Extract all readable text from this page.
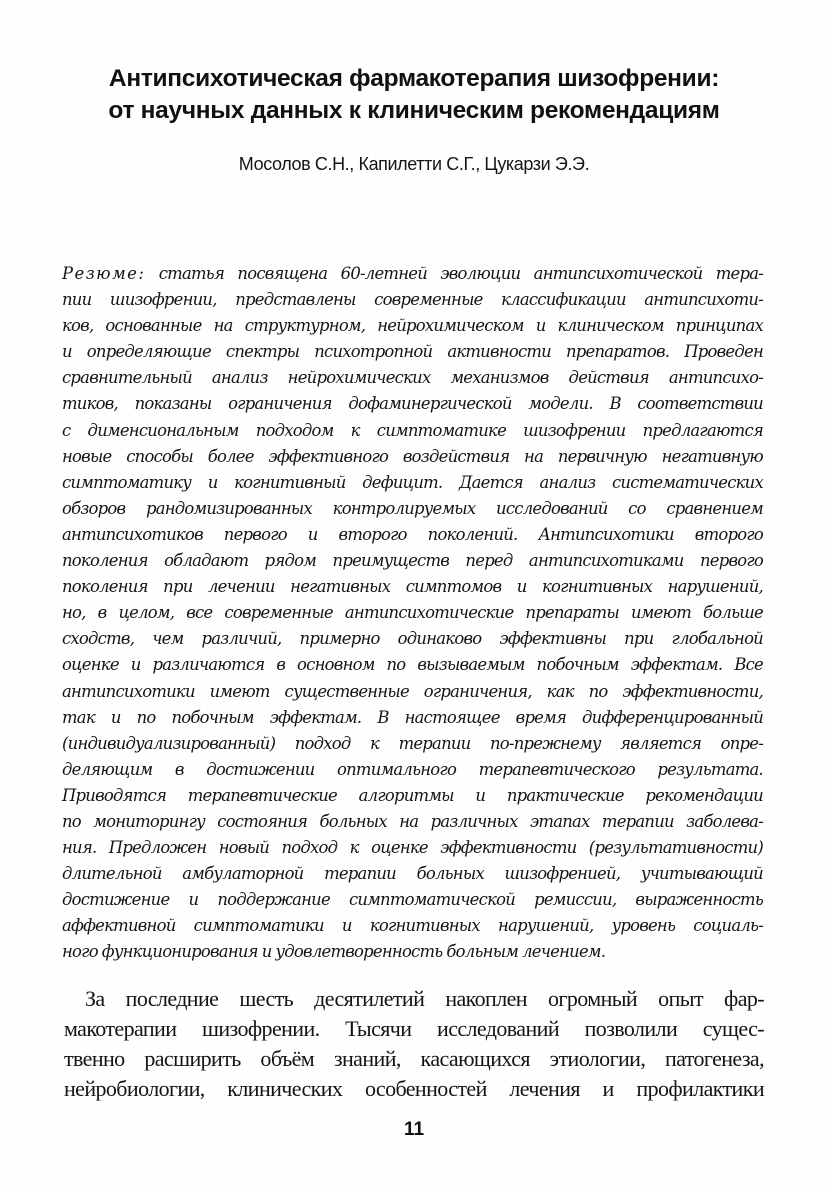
Антипсихотическая фармакотерапия шизофрении:
от научных данных к клиническим рекомендациям

Мосолов С.Н., Капилетти С.Г., Цукарзи Э.Э.

Резюме: статья посвящена 60-летней эволюции антипсихотической тера-
пии шизофрении, представлены современные классификации антипсихоти-
ков, основанные на структурном, нейрохимическом и клиническом принципах
и определяющие спектры психотропной активности препаратов. Проведен
сравнительный анализ нейрохимических механизмов действия антипсихо-
тиков, показаны ограничения дофаминергической модели. В соответствии
с дименсиональным подходом к симптоматике шизофрении предлагаются
новые способы более эффективного воздействия на первичную негативную
симптоматику и когнитивный дефицит. Дается анализ систематических
обзоров рандомизированных контролируемых исследований со сравнением
антипсихотиков первого и второго поколений. Антипсихотики второго
поколения обладают рядом преимуществ перед антипсихотиками первого
поколения при лечении негативных симптомов и когнитивных нарушений,
но, в целом, все современные антипсихотические препараты имеют больше
сходств, чем различий, примерно одинаково эффективны при глобальной
оценке и различаются в основном по вызываемым побочным эффектам. Все
антипсихотики имеют существенные ограничения, как по эффективности,
так и по побочным эффектам. В настоящее время дифференцированный
(индивидуализированный) подход к терапии по-прежнему является опре-
деляющим в достижении оптимального терапевтического результата.
Приводятся терапевтические алгоритмы и практические рекомендации
по мониторингу состояния больных на различных этапах терапии заболева-
ния. Предложен новый подход к оценке эффективности (результативности)
длительной амбулаторной терапии больных шизофренией, учитывающий
достижение и поддержание симптоматической ремиссии, выраженность
аффективной симптоматики и когнитивных нарушений, уровень социаль-
ного функционирования и удовлетворенность больным лечением.
За последние шесть десятилетий накоплен огромный опыт фар-
макотерапии шизофрении. Тысячи исследований позволили сущес-
твенно расширить объём знаний, касающихся этиологии, патогенеза,
нейробиологии, клинических особенностей лечения и профилактики
11
